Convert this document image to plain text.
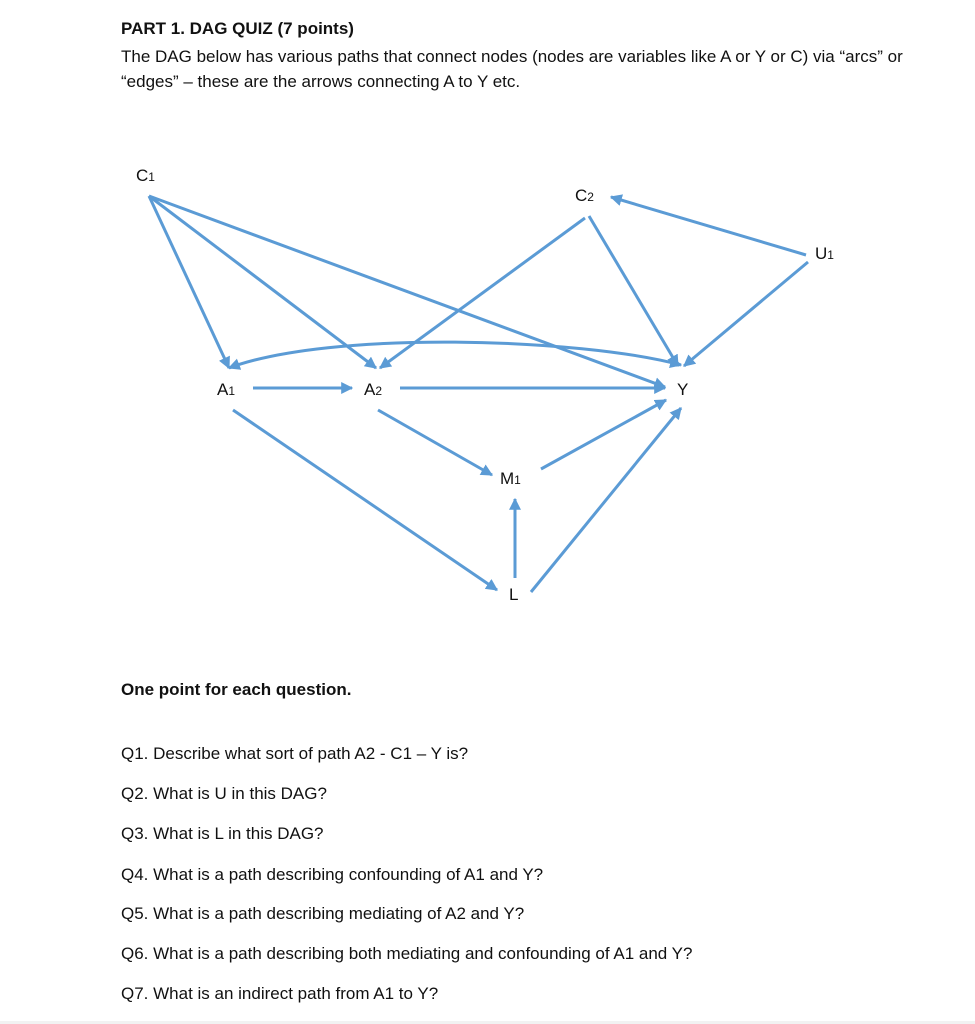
PART 1. DAG QUIZ (7 points)

The DAG below has various paths that connect nodes (nodes are variables like A or Y or C) via “arcs” or “edges” – these are the arrows connecting A to Y etc.

C1
C2
U1
A1	A2	Y
M1
L

One point for each question.

Q1. Describe what sort of path A2 - C1 – Y is?

Q2. What is U in this DAG?

Q3. What is L in this DAG?

Q4. What is a path describing confounding of A1 and Y?

Q5. What is a path describing mediating of A2 and Y?

Q6. What is a path describing both mediating and confounding of A1 and Y?

Q7. What is an indirect path from A1 to Y?
